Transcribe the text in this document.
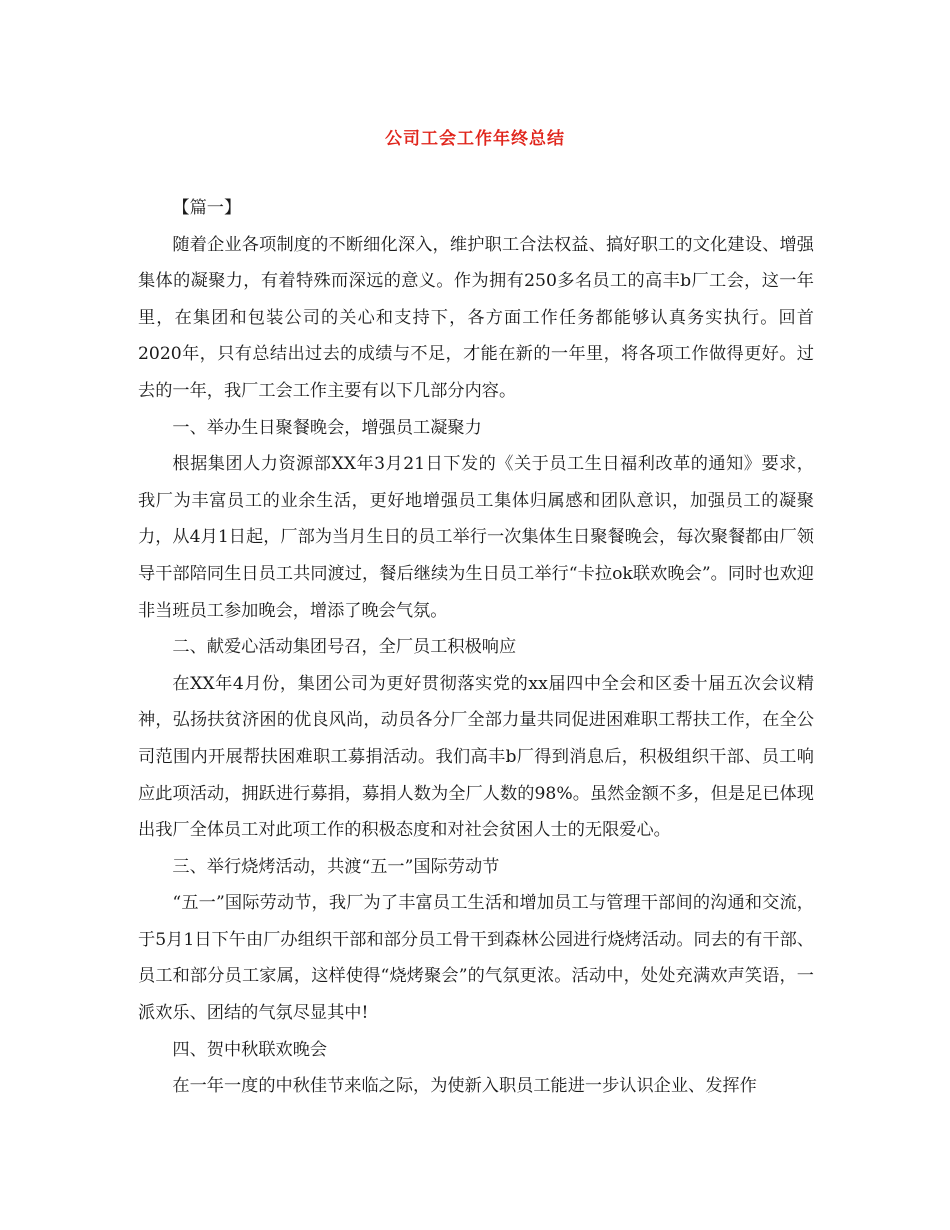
公司工会工作年终总结

【篇一】

随着企业各项制度的不断细化深入，维护职工合法权益、搞好职工的文化建设、增强集体的凝聚力，有着特殊而深远的意义。作为拥有250多名员工的高丰b厂工会，这一年里，在集团和包装公司的关心和支持下，各方面工作任务都能够认真务实执行。回首2020年，只有总结出过去的成绩与不足，才能在新的一年里，将各项工作做得更好。过去的一年，我厂工会工作主要有以下几部分内容。

一、举办生日聚餐晚会，增强员工凝聚力

根据集团人力资源部XX年3月21日下发的《关于员工生日福利改革的通知》要求，我厂为丰富员工的业余生活，更好地增强员工集体归属感和团队意识，加强员工的凝聚力，从4月1日起，厂部为当月生日的员工举行一次集体生日聚餐晚会，每次聚餐都由厂领导干部陪同生日员工共同渡过，餐后继续为生日员工举行“卡拉ok联欢晚会”。同时也欢迎非当班员工参加晚会，增添了晚会气氛。

二、献爱心活动集团号召，全厂员工积极响应

在XX年4月份，集团公司为更好贯彻落实党的xx届四中全会和区委十届五次会议精神，弘扬扶贫济困的优良风尚，动员各分厂全部力量共同促进困难职工帮扶工作，在全公司范围内开展帮扶困难职工募捐活动。我们高丰b厂得到消息后，积极组织干部、员工响应此项活动，拥跃进行募捐，募捐人数为全厂人数的98%。虽然金额不多，但是足已体现出我厂全体员工对此项工作的积极态度和对社会贫困人士的无限爱心。

三、举行烧烤活动，共渡“五一”国际劳动节

“五一”国际劳动节，我厂为了丰富员工生活和增加员工与管理干部间的沟通和交流，于5月1日下午由厂办组织干部和部分员工骨干到森林公园进行烧烤活动。同去的有干部、员工和部分员工家属，这样使得“烧烤聚会”的气氛更浓。活动中，处处充满欢声笑语，一派欢乐、团结的气氛尽显其中!

四、贺中秋联欢晚会

在一年一度的中秋佳节来临之际，为使新入职员工能进一步认识企业、发挥作
